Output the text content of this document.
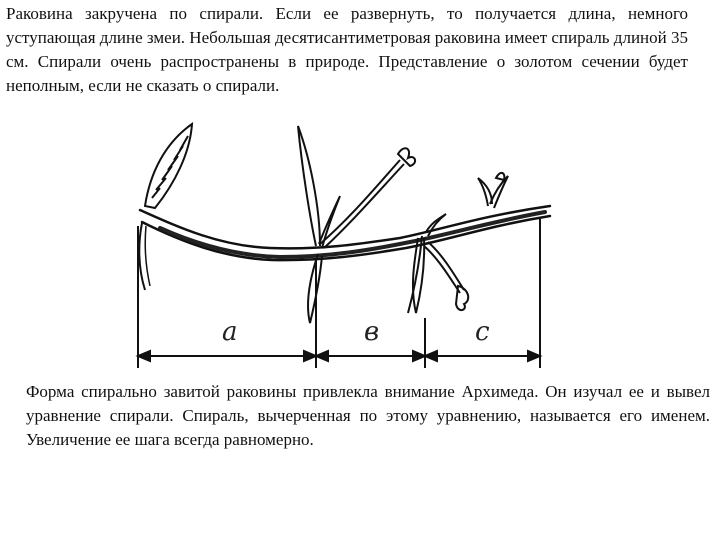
Раковина закручена по спирали. Если ее развернуть, то получается длина, немного уступающая длине змеи. Небольшая десятисантиметровая раковина имеет спираль длиной 35 см. Спирали очень распространены в природе. Представление о золотом сечении будет неполным, если не сказать о спирали.

a	в	c

Форма спирально завитой раковины привлекла внимание Архимеда. Он изучал ее и вывел уравнение спирали. Спираль, вычерченная по этому уравнению, называется его именем. Увеличение ее шага всегда равномерно.
